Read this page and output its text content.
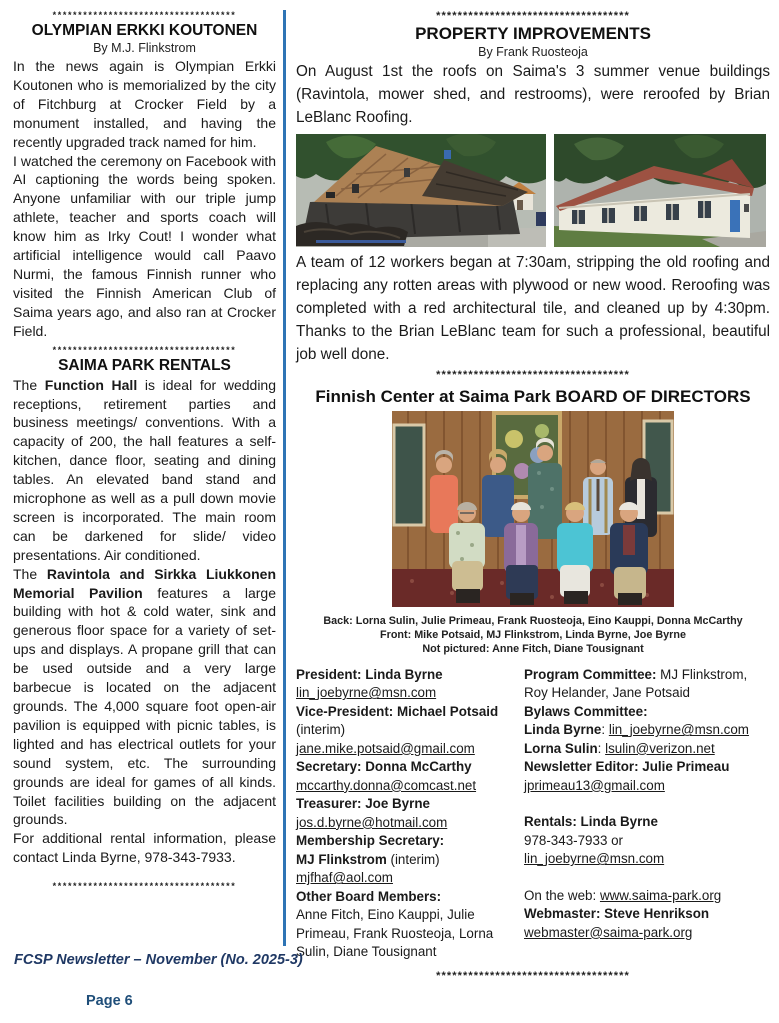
************************************
OLYMPIAN ERKKI KOUTONEN
By M.J. Flinkstrom

In the news again is Olympian Erkki Koutonen who is memorialized by the city of Fitchburg at Crocker Field by a monument installed, and having the recently upgraded track named for him.

I watched the ceremony on Facebook with AI captioning the words being spoken. Anyone unfamiliar with our triple jump athlete, teacher and sports coach will know him as Irky Cout! I wonder what artificial intelligence would call Paavo Nurmi, the famous Finnish runner who visited the Finnish American Club of Saima years ago, and also ran at Crocker Field.

************************************
SAIMA PARK RENTALS

The Function Hall is ideal for wedding receptions, retirement parties and business meetings/ conventions. With a capacity of 200, the hall features a self-kitchen, dance floor, seating and dining tables. An elevated band stand and microphone as well as a pull down movie screen is incorporated. The main room can be darkened for slide/ video presentations. Air conditioned.

The Ravintola and Sirkka Liukkonen Memorial Pavilion features a large building with hot & cold water, sink and generous floor space for a variety of set-ups and displays. A propane grill that can be used outside and a very large barbecue is located on the adjacent grounds. The 4,000 square foot open-air pavilion is equipped with picnic tables, is lighted and has electrical outlets for your sound system, etc. The surrounding grounds are ideal for games of all kinds. Toilet facilities building on the adjacent grounds.

For additional rental information, please contact Linda Byrne, 978-343-7933.

************************************
************************************
PROPERTY IMPROVEMENTS
By Frank Ruosteoja

On August 1st the roofs on Saima's 3 summer venue buildings (Ravintola, mower shed, and restrooms), were reroofed by Brian LeBlanc Roofing.

A team of 12 workers began at 7:30am, stripping the old roofing and replacing any rotten areas with plywood or new wood. Reroofing was completed with a red architectural tile, and cleaned up by 4:30pm. Thanks to the Brian LeBlanc team for such a professional, beautiful job well done.

************************************
Finnish Center at Saima Park BOARD OF DIRECTORS
Back: Lorna Sulin, Julie Primeau, Frank Ruosteoja, Eino Kauppi, Donna McCarthy
Front: Mike Potsaid, MJ Flinkstrom, Linda Byrne, Joe Byrne
Not pictured: Anne Fitch, Diane Tousignant
President: Linda Byrne
lin_joebyrne@msn.com
Vice-President: Michael Potsaid
(interim)
jane.mike.potsaid@gmail.com
Secretary: Donna McCarthy
mccarthy.donna@comcast.net
Treasurer: Joe Byrne
jos.d.byrne@hotmail.com
Membership Secretary:
MJ Flinkstrom (interim)
mjfhaf@aol.com
Other Board Members:
Anne Fitch, Eino Kauppi, Julie Primeau, Frank Ruosteoja, Lorna Sulin, Diane Tousignant
Program Committee: MJ Flinkstrom, Roy Helander, Jane Potsaid
Bylaws Committee:
Linda Byrne: lin_joebyrne@msn.com
Lorna Sulin: lsulin@verizon.net
Newsletter Editor: Julie Primeau
jprimeau13@gmail.com
Rentals: Linda Byrne
978-343-7933 or
lin_joebyrne@msn.com
On the web: www.saima-park.org
Webmaster: Steve Henrikson
webmaster@saima-park.org
************************************
FCSP Newsletter – November (No. 2025-3)
Page 6
